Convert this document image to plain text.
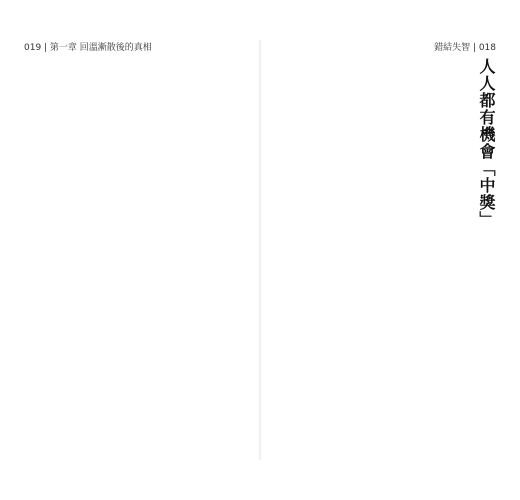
019 | 第一章 回溫漸散後的真相	錯結失智 | 018
人人都有機會「中獎」
